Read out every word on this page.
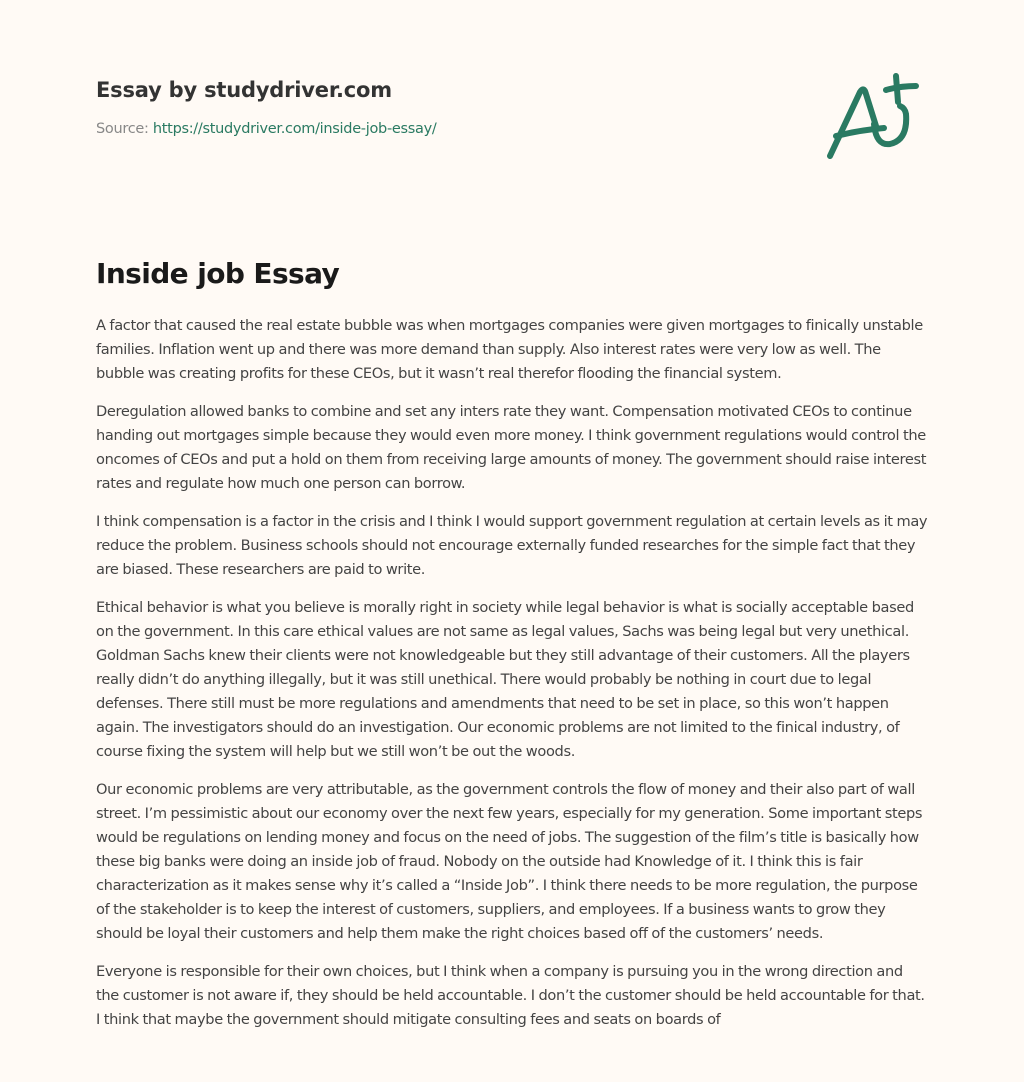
Essay by studydriver.com
Source: https://studydriver.com/inside-job-essay/
Inside job Essay

A factor that caused the real estate bubble was when mortgages companies were given mortgages to finically unstable families. Inflation went up and there was more demand than supply. Also interest rates were very low as well. The bubble was creating profits for these CEOs, but it wasn’t real therefor flooding the financial system.

Deregulation allowed banks to combine and set any inters rate they want. Compensation motivated CEOs to continue handing out mortgages simple because they would even more money. I think government regulations would control the oncomes of CEOs and put a hold on them from receiving large amounts of money. The government should raise interest rates and regulate how much one person can borrow.

I think compensation is a factor in the crisis and I think I would support government regulation at certain levels as it may reduce the problem. Business schools should not encourage externally funded researches for the simple fact that they are biased. These researchers are paid to write.

Ethical behavior is what you believe is morally right in society while legal behavior is what is socially acceptable based on the government. In this care ethical values are not same as legal values, Sachs was being legal but very unethical. Goldman Sachs knew their clients were not knowledgeable but they still advantage of their customers. All the players really didn’t do anything illegally, but it was still unethical. There would probably be nothing in court due to legal defenses. There still must be more regulations and amendments that need to be set in place, so this won’t happen again. The investigators should do an investigation. Our economic problems are not limited to the finical industry, of course fixing the system will help but we still won’t be out the woods.

Our economic problems are very attributable, as the government controls the flow of money and their also part of wall street. I’m pessimistic about our economy over the next few years, especially for my generation. Some important steps would be regulations on lending money and focus on the need of jobs. The suggestion of the film’s title is basically how these big banks were doing an inside job of fraud. Nobody on the outside had Knowledge of it. I think this is fair characterization as it makes sense why it’s called a “Inside Job”. I think there needs to be more regulation, the purpose of the stakeholder is to keep the interest of customers, suppliers, and employees. If a business wants to grow they should be loyal their customers and help them make the right choices based off of the customers’ needs.

Everyone is responsible for their own choices, but I think when a company is pursuing you in the wrong direction and the customer is not aware if, they should be held accountable. I don’t the customer should be held accountable for that. I think that maybe the government should mitigate consulting fees and seats on boards of
